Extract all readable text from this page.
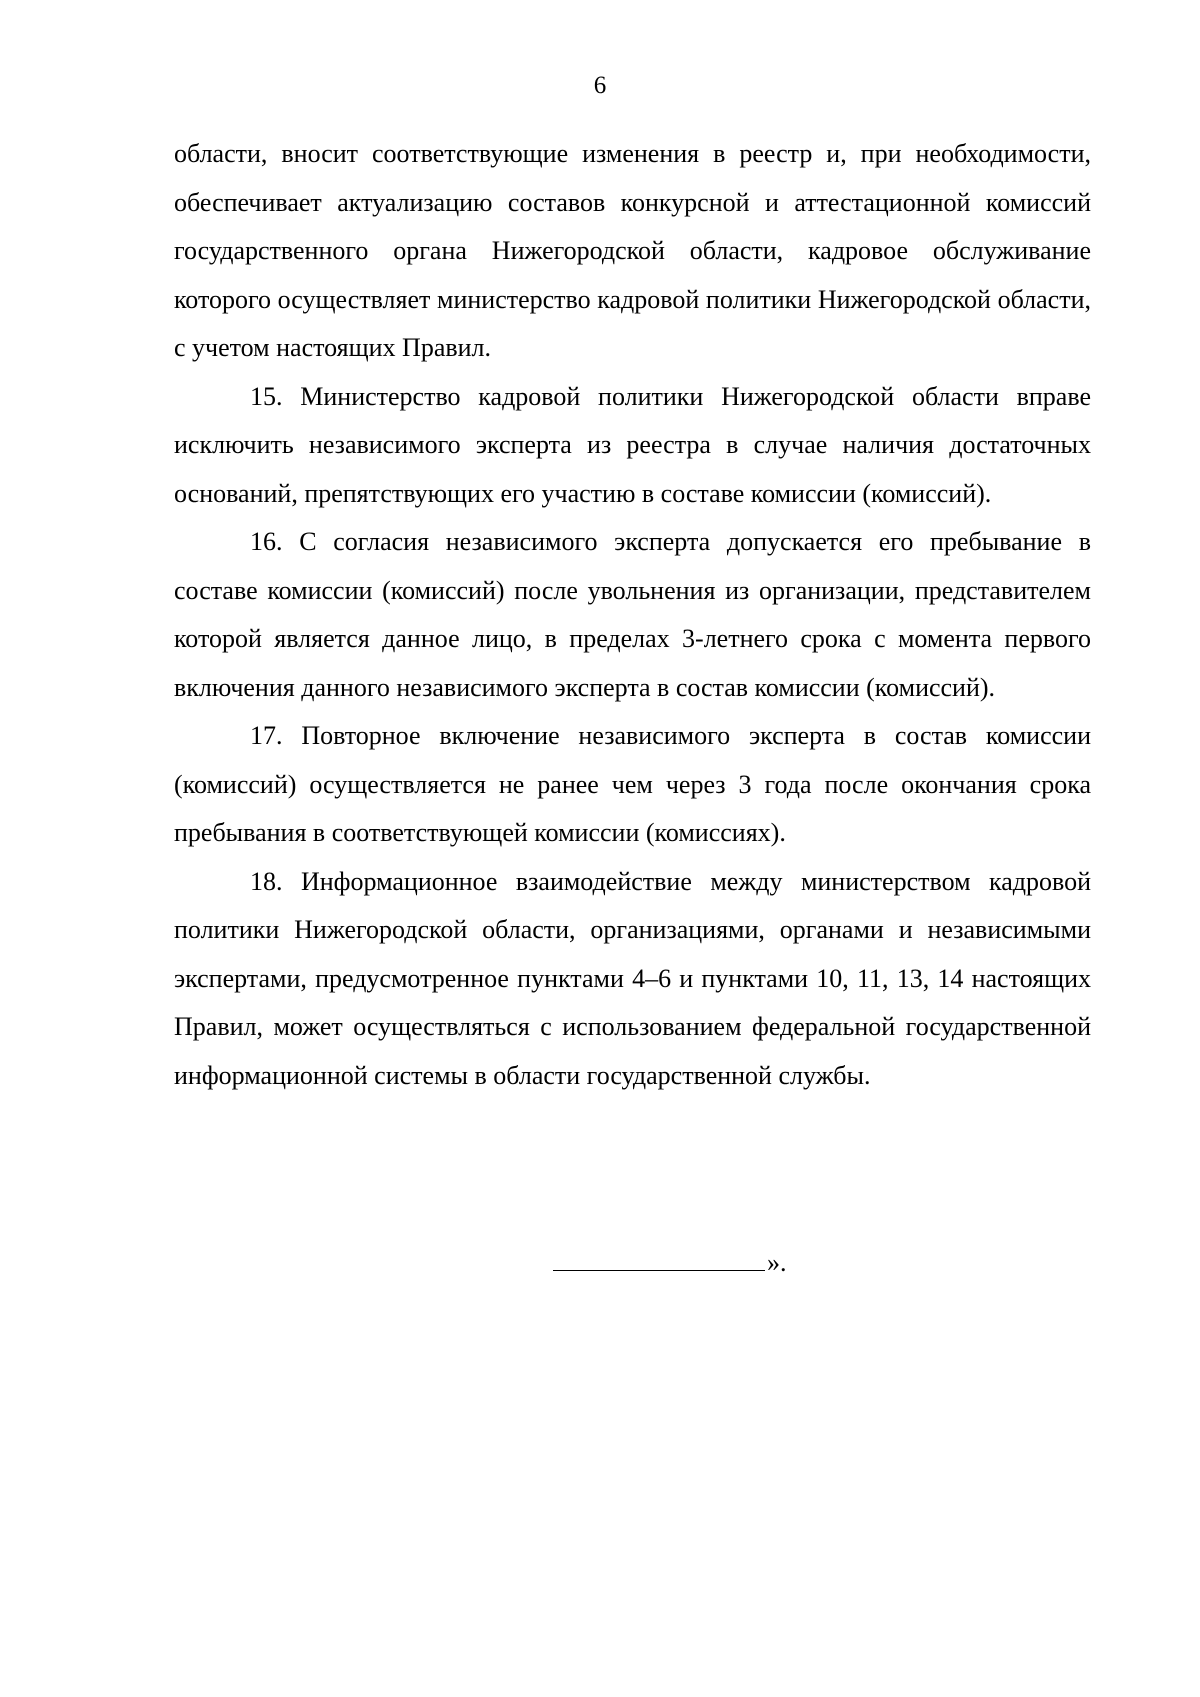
6

области, вносит соответствующие изменения в реестр и, при необходимости, обеспечивает актуализацию составов конкурсной и аттестационной комиссий государственного органа Нижегородской области, кадровое обслуживание которого осуществляет министерство кадровой политики Нижегородской области, с учетом настоящих Правил.

15. Министерство кадровой политики Нижегородской области вправе исключить независимого эксперта из реестра в случае наличия достаточных оснований, препятствующих его участию в составе комиссии (комиссий).

16. С согласия независимого эксперта допускается его пребывание в составе комиссии (комиссий) после увольнения из организации, представителем которой является данное лицо, в пределах 3-летнего срока с момента первого включения данного независимого эксперта в состав комиссии (комиссий).

17. Повторное включение независимого эксперта в состав комиссии (комиссий) осуществляется не ранее чем через 3 года после окончания срока пребывания в соответствующей комиссии (комиссиях).

18. Информационное взаимодействие между министерством кадровой политики Нижегородской области, организациями, органами и независимыми экспертами, предусмотренное пунктами 4–6 и пунктами 10, 11, 13, 14 настоящих Правил, может осуществляться с использованием федеральной государственной информационной системы в области государственной службы.

».
